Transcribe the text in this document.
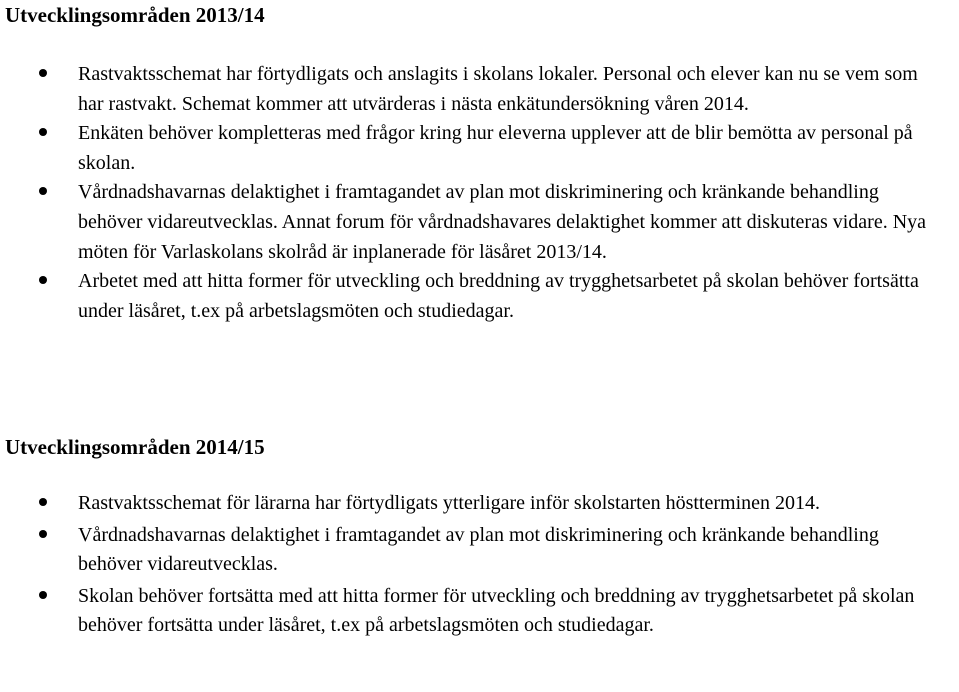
Utvecklingsområden 2013/14
Rastvaktsschemat har förtydligats och anslagits i skolans lokaler. Personal och elever kan nu se vem som har rastvakt. Schemat kommer att utvärderas i nästa enkätundersökning våren 2014.
Enkäten behöver kompletteras med frågor kring hur eleverna upplever att de blir bemötta av personal på skolan.
Vårdnadshavarnas delaktighet i framtagandet av plan mot diskriminering och kränkande behandling behöver vidareutvecklas. Annat forum för vårdnadshavares delaktighet kommer att diskuteras vidare. Nya möten för Varlaskolans skolråd är inplanerade för läsåret 2013/14.
Arbetet med att hitta former för utveckling och breddning av trygghetsarbetet på skolan behöver fortsätta under läsåret, t.ex på arbetslagsmöten och studiedagar.
Utvecklingsområden 2014/15
Rastvaktsschemat för lärarna har förtydligats ytterligare inför skolstarten höstterminen 2014.
Vårdnadshavarnas delaktighet i framtagandet av plan mot diskriminering och kränkande behandling behöver vidareutvecklas.
Skolan behöver fortsätta med att hitta former för utveckling och breddning av trygghetsarbetet på skolan behöver fortsätta under läsåret, t.ex på arbetslagsmöten och studiedagar.
